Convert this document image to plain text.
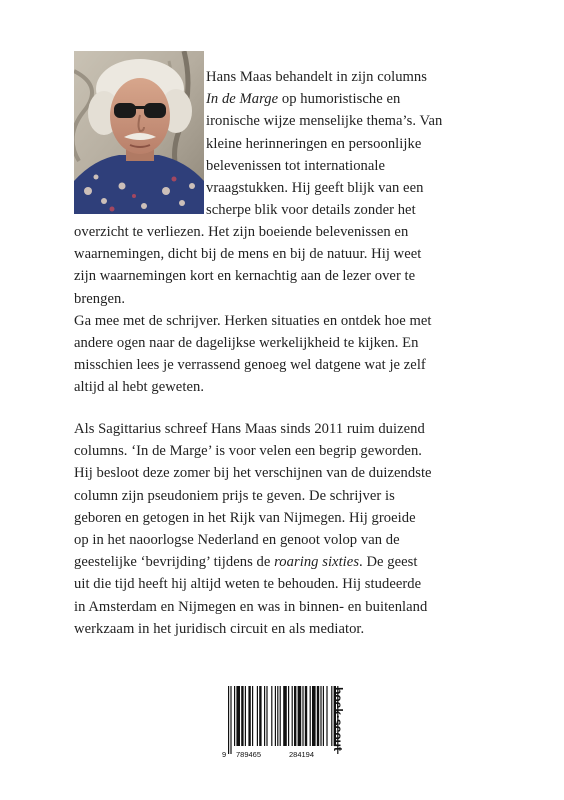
Hans Maas behandelt in zijn columns
In de Marge op humoristische en
ironische wijze menselijke thema’s. Van
kleine herinneringen en persoonlijke
belevenissen tot internationale
vraagstukken. Hij geeft blijk van een
scherpe blik voor details zonder het
overzicht te verliezen. Het zijn boeiende belevenissen en
waarnemingen, dicht bij de mens en bij de natuur. Hij weet
zijn waarnemingen kort en kernachtig aan de lezer over te
brengen.
Ga mee met de schrijver. Herken situaties en ontdek hoe met
andere ogen naar de dagelijkse werkelijkheid te kijken. En
misschien lees je verrassend genoeg wel datgene wat je zelf
altijd al hebt geweten.
Als Sagittarius schreef Hans Maas sinds 2011 ruim duizend
columns. ‘In de Marge’ is voor velen een begrip geworden.
Hij besloot deze zomer bij het verschijnen van de duizendste
column zijn pseudoniem prijs te geven. De schrijver is
geboren en getogen in het Rijk van Nijmegen. Hij groeide
op in het naoorlogse Nederland en genoot volop van de
geestelijke ‘bevrijding’ tijdens de roaring sixties. De geest
uit die tijd heeft hij altijd weten te behouden. Hij studeerde
in Amsterdam en Nijmegen en was in binnen- en buitenland
werkzaam in het juridisch circuit en als mediator.
9 789465	284194
boek·scout
